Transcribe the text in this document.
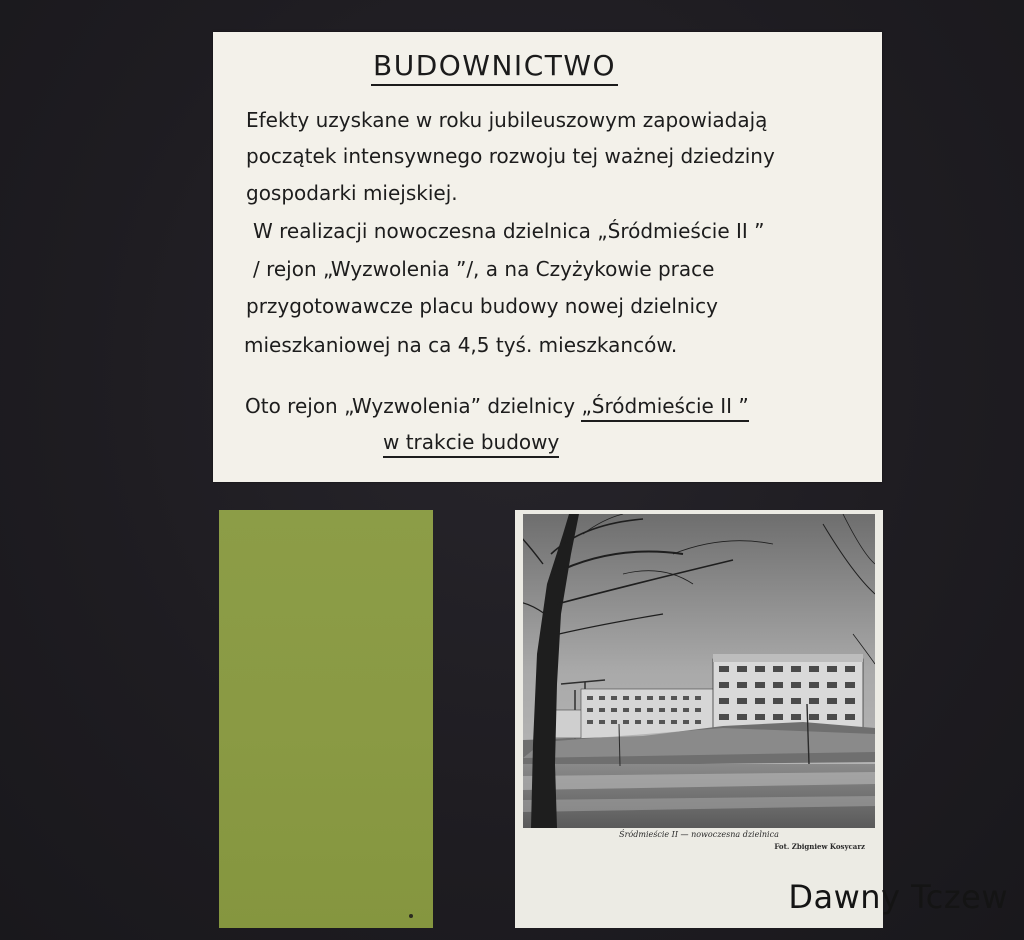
BUDOWNICTWO
Efekty uzyskane w roku jubileuszowym zapowiadają
początek intensywnego rozwoju tej ważnej dziedziny
gospodarki miejskiej.
W realizacji nowoczesna dzielnica „Śródmieście II ”
/ rejon „Wyzwolenia ”/, a na Czyżykowie prace
przygotowawcze placu budowy nowej dzielnicy
mieszkaniowej na ca 4,5 tyś. mieszkanców.
Oto rejon „Wyzwolenia” dzielnicy „Śródmieście II ”
w trakcie budowy
Śródmieście II — nowoczesna dzielnica
Fot. Zbigniew Kosycarz
Dawny Tczew
